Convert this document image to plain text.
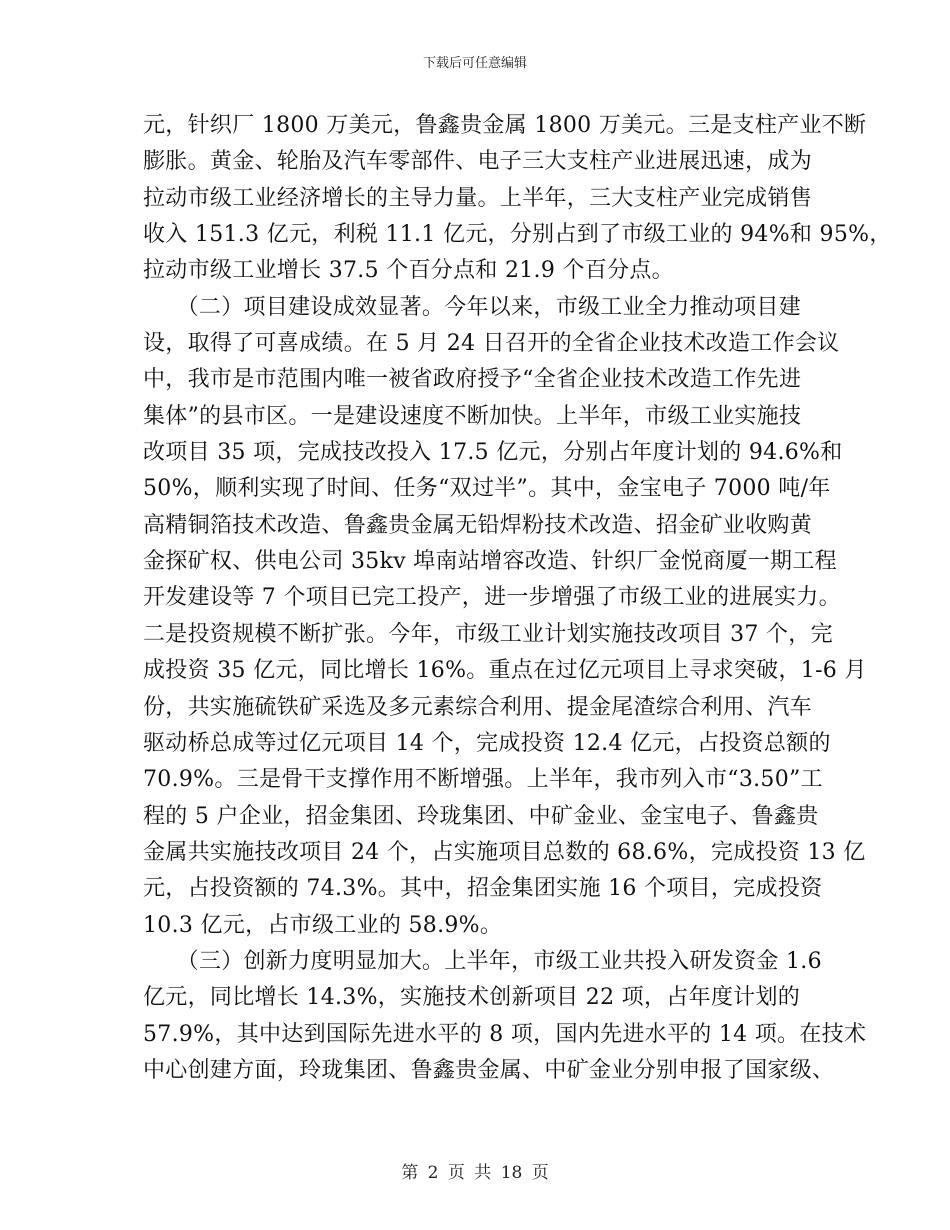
下载后可任意编辑
元，针织厂 1800 万美元，鲁鑫贵金属 1800 万美元。三是支柱产业不断
膨胀。黄金、轮胎及汽车零部件、电子三大支柱产业进展迅速，成为
拉动市级工业经济增长的主导力量。上半年，三大支柱产业完成销售
收入 151.3 亿元，利税 11.1 亿元，分别占到了市级工业的 94%和 95%，
拉动市级工业增长 37.5 个百分点和 21.9 个百分点。
　　（二）项目建设成效显著。今年以来，市级工业全力推动项目建
设，取得了可喜成绩。在 5 月 24 日召开的全省企业技术改造工作会议
中，我市是市范围内唯一被省政府授予“全省企业技术改造工作先进
集体”的县市区。一是建设速度不断加快。上半年，市级工业实施技
改项目 35 项，完成技改投入 17.5 亿元，分别占年度计划的 94.6%和
50%，顺利实现了时间、任务“双过半”。其中，金宝电子 7000 吨/年
高精铜箔技术改造、鲁鑫贵金属无铅焊粉技术改造、招金矿业收购黄
金探矿权、供电公司 35kv 埠南站增容改造、针织厂金悦商厦一期工程
开发建设等 7 个项目已完工投产，进一步增强了市级工业的进展实力。
二是投资规模不断扩张。今年，市级工业计划实施技改项目 37 个，完
成投资 35 亿元，同比增长 16%。重点在过亿元项目上寻求突破，1-6 月
份，共实施硫铁矿采选及多元素综合利用、提金尾渣综合利用、汽车
驱动桥总成等过亿元项目 14 个，完成投资 12.4 亿元，占投资总额的
70.9%。三是骨干支撑作用不断增强。上半年，我市列入市“3.50”工
程的 5 户企业，招金集团、玲珑集团、中矿金业、金宝电子、鲁鑫贵
金属共实施技改项目 24 个，占实施项目总数的 68.6%，完成投资 13 亿
元，占投资额的 74.3%。其中，招金集团实施 16 个项目，完成投资
10.3 亿元，占市级工业的 58.9%。
　　（三）创新力度明显加大。上半年，市级工业共投入研发资金 1.6
亿元，同比增长 14.3%，实施技术创新项目 22 项，占年度计划的
57.9%，其中达到国际先进水平的 8 项，国内先进水平的 14 项。在技术
中心创建方面，玲珑集团、鲁鑫贵金属、中矿金业分别申报了国家级、
第 2 页 共 18 页
